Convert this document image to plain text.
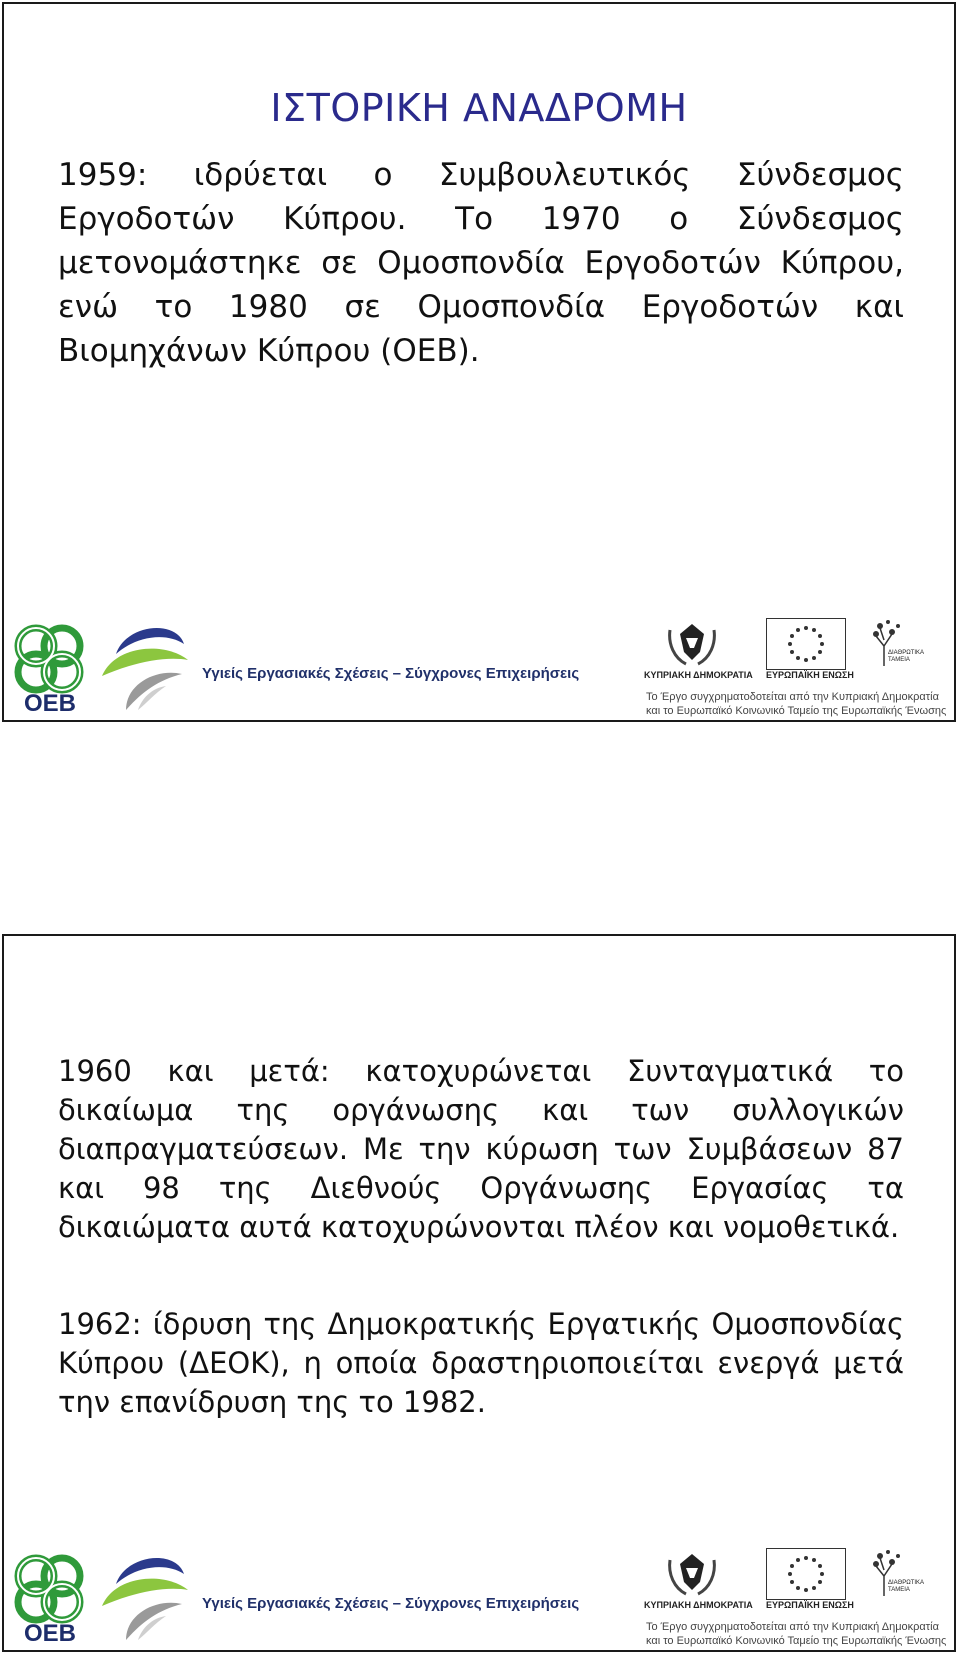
ΙΣΤΟΡΙΚΗ ΑΝΑΔΡΟΜΗ
1959: ιδρύεται ο Συμβουλευτικός Σύνδεσμος Εργοδοτών Κύπρου. Το 1970 ο Σύνδεσμος μετονομάστηκε σε Ομοσπονδία Εργοδοτών Κύπρου, ενώ το 1980 σε Ομοσπονδία Εργοδοτών και Βιομηχάνων Κύπρου (ΟΕΒ).
OEB
Υγιείς Εργασιακές Σχέσεις – Σύγχρονες Επιχειρήσεις	ΚΥΠΡΙΑΚΗ ΔΗΜΟΚΡΑΤΙΑ ΕΥΡΩΠΑΪΚΗ ΕΝΩΣΗ
ΔΙΑΘΡΩΤΙΚΑ ΤΑΜΕΙΑ
Το Έργο συγχρηματοδοτείται από την Κυπριακή Δημοκρατία
και το Ευρωπαϊκό Κοινωνικό Ταμείο της Ευρωπαϊκής Ένωσης
1960 και μετά: κατοχυρώνεται Συνταγματικά το δικαίωμα της οργάνωσης και των συλλογικών διαπραγματεύσεων. Με την κύρωση των Συμβάσεων 87 και 98 της Διεθνούς Οργάνωσης Εργασίας τα δικαιώματα αυτά κατοχυρώνονται πλέον και νομοθετικά.
1962: ίδρυση της Δημοκρατικής Εργατικής Ομοσπονδίας Κύπρου (ΔΕΟΚ), η οποία δραστηριοποιείται ενεργά μετά την επανίδρυση της το 1982.
OEB
Υγιείς Εργασιακές Σχέσεις – Σύγχρονες Επιχειρήσεις	ΚΥΠΡΙΑΚΗ ΔΗΜΟΚΡΑΤΙΑ ΕΥΡΩΠΑΪΚΗ ΕΝΩΣΗ
ΔΙΑΘΡΩΤΙΚΑ ΤΑΜΕΙΑ
Το Έργο συγχρηματοδοτείται από την Κυπριακή Δημοκρατία
και το Ευρωπαϊκό Κοινωνικό Ταμείο της Ευρωπαϊκής Ένωσης
